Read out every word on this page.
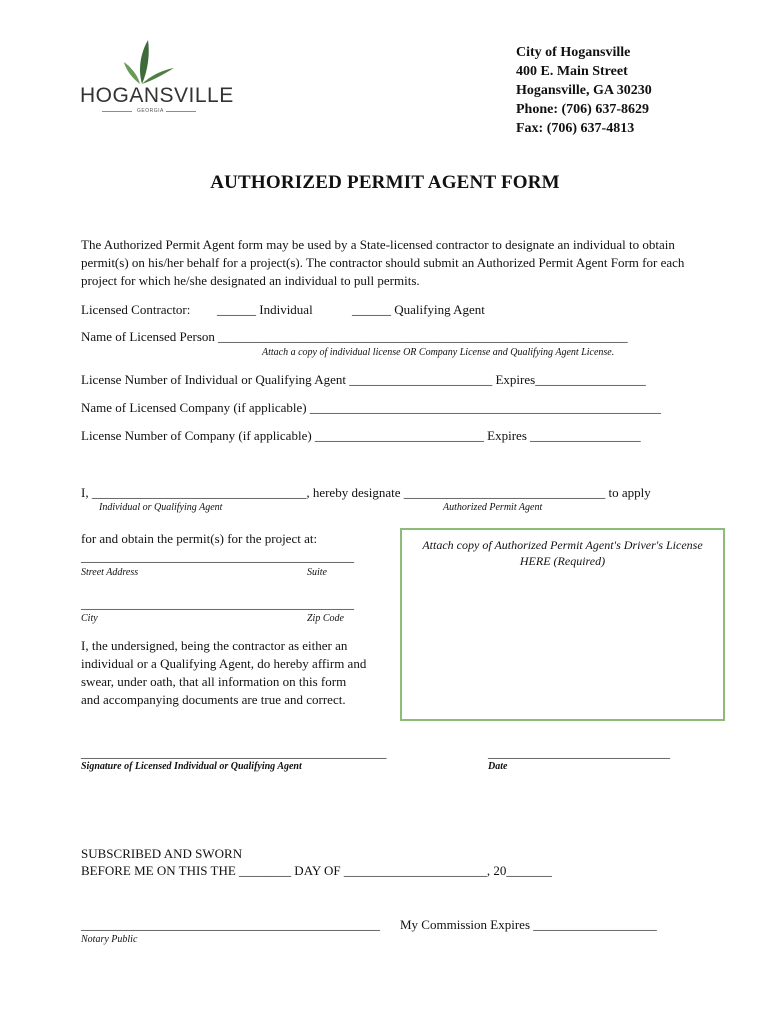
HOGANSVILLE
GEORGIA
City of Hogansville
400 E. Main Street
Hogansville, GA 30230
Phone: (706) 637-8629
Fax: (706) 637-4813
AUTHORIZED PERMIT AGENT FORM
The Authorized Permit Agent form may be used by a State-licensed contractor to designate an individual to obtain permit(s) on his/her behalf for a project(s). The contractor should submit an Authorized Permit Agent Form for each project for which he/she designated an individual to pull permits.
Licensed Contractor: ______ Individual	______ Qualifying Agent
Name of Licensed Person _______________________________________________________________
Attach a copy of individual license OR Company License and Qualifying Agent License.
License Number of Individual or Qualifying Agent ______________________ Expires_________________
Name of Licensed Company (if applicable) ______________________________________________________
License Number of Company (if applicable) __________________________ Expires _________________
I, _________________________________, hereby designate _______________________________ to apply
Individual or Qualifying Agent	Authorized Permit Agent
for and obtain the permit(s) for the project at:
__________________________________________
Street Address	Suite
__________________________________________
City	Zip Code
I, the undersigned, being the contractor as either an
individual or a Qualifying Agent, do hereby affirm and
swear, under oath, that all information on this form
and accompanying documents are true and correct.
Attach copy of Authorized Permit Agent's Driver's License
HERE (Required)
_______________________________________________
Signature of Licensed Individual or Qualifying Agent
____________________________
Date
SUBSCRIBED AND SWORN
BEFORE ME ON THIS THE ________ DAY OF ______________________, 20_______
______________________________________________ My Commission Expires ___________________
Notary Public
